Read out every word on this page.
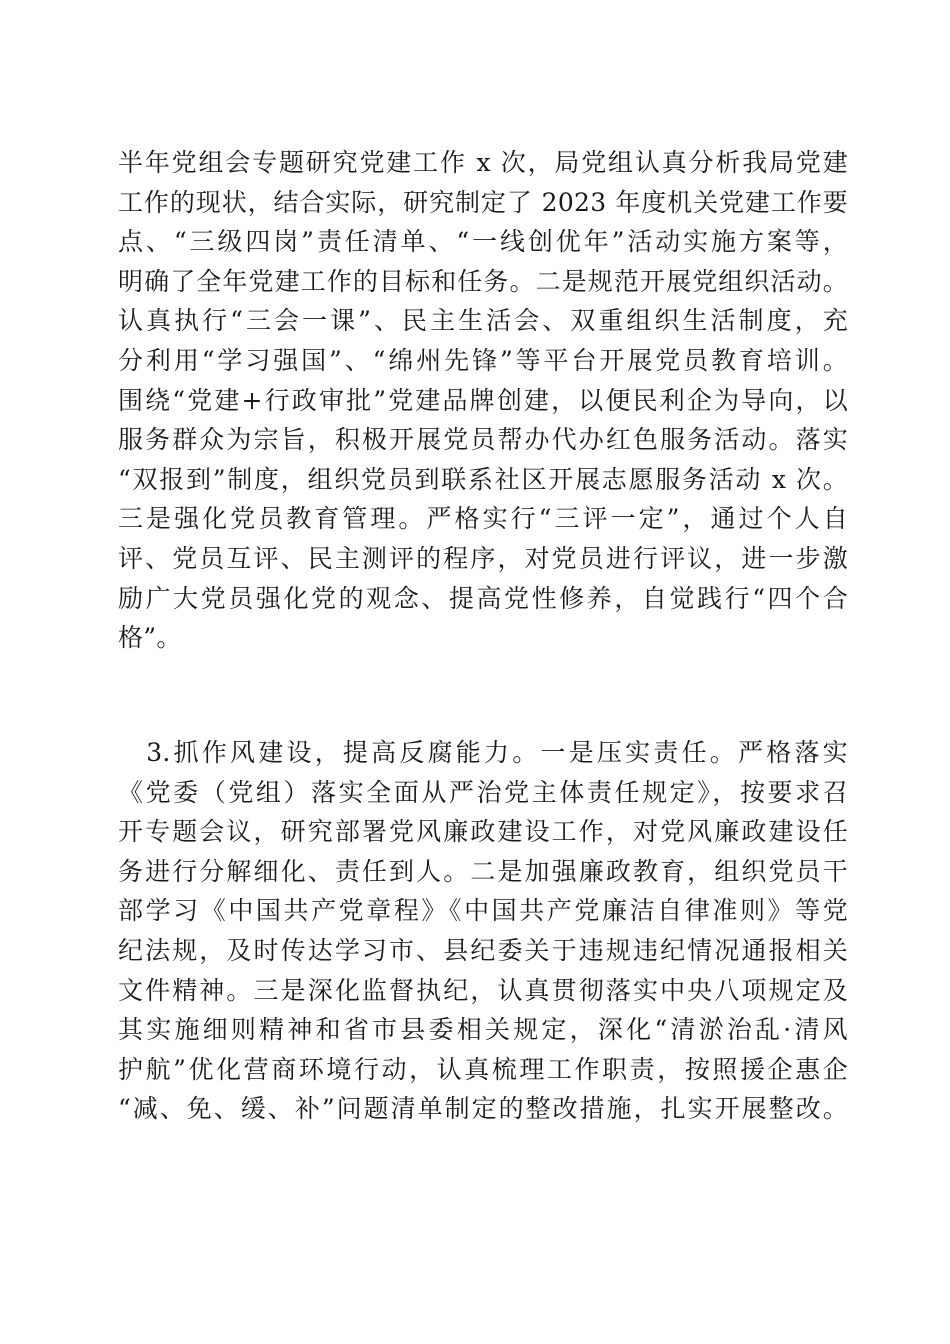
半年党组会专题研究党建工作 x 次，局党组认真分析我局党建
工作的现状，结合实际，研究制定了 2023 年度机关党建工作要
点、“三级四岗”责任清单、“一线创优年”活动实施方案等，
明确了全年党建工作的目标和任务。二是规范开展党组织活动。
认真执行“三会一课”、民主生活会、双重组织生活制度，充
分利用“学习强国”、“绵州先锋”等平台开展党员教育培训。
围绕“党建+行政审批”党建品牌创建，以便民利企为导向，以
服务群众为宗旨，积极开展党员帮办代办红色服务活动。落实
“双报到”制度，组织党员到联系社区开展志愿服务活动 x 次。
三是强化党员教育管理。严格实行“三评一定”，通过个人自
评、党员互评、民主测评的程序，对党员进行评议，进一步激
励广大党员强化党的观念、提高党性修养，自觉践行“四个合
格”。
　3.抓作风建设，提高反腐能力。一是压实责任。严格落实
《党委（党组）落实全面从严治党主体责任规定》，按要求召
开专题会议，研究部署党风廉政建设工作，对党风廉政建设任
务进行分解细化、责任到人。二是加强廉政教育，组织党员干
部学习《中国共产党章程》《中国共产党廉洁自律准则》等党
纪法规，及时传达学习市、县纪委关于违规违纪情况通报相关
文件精神。三是深化监督执纪，认真贯彻落实中央八项规定及
其实施细则精神和省市县委相关规定，深化“清淤治乱·清风
护航”优化营商环境行动，认真梳理工作职责，按照援企惠企
“减、免、缓、补”问题清单制定的整改措施，扎实开展整改。
